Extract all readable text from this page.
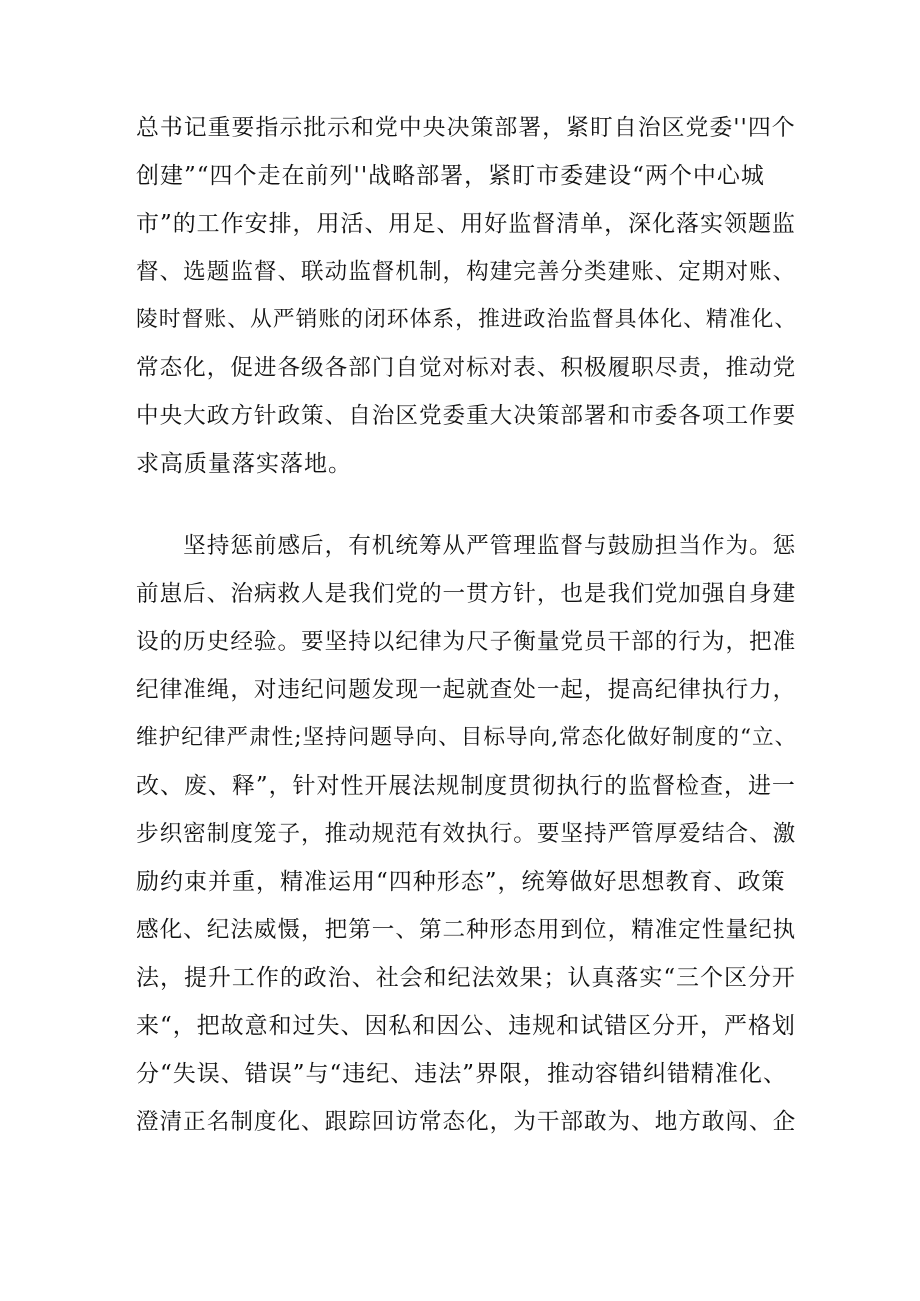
总书记重要指示批示和党中央决策部署，紧盯自治区党委''四个
创建”“四个走在前列''战略部署，紧盯市委建设“两个中心城
市”的工作安排，用活、用足、用好监督清单，深化落实领题监
督、选题监督、联动监督机制，构建完善分类建账、定期对账、
陵时督账、从严销账的闭环体系，推进政治监督具体化、精准化、
常态化，促进各级各部门自觉对标对表、积极履职尽责，推动党
中央大政方针政策、自治区党委重大决策部署和市委各项工作要
求高质量落实落地。
　　坚持惩前感后，有机统筹从严管理监督与鼓励担当作为。惩
前崽后、治病救人是我们党的一贯方针，也是我们党加强自身建
设的历史经验。要坚持以纪律为尺子衡量党员干部的行为，把准
纪律准绳，对违纪问题发现一起就查处一起，提高纪律执行力，
维护纪律严肃性;坚持问题导向、目标导向,常态化做好制度的“立、
改、废、释”，针对性开展法规制度贯彻执行的监督检查，进一
步织密制度笼子，推动规范有效执行。要坚持严管厚爱结合、激
励约束并重，精准运用“四种形态”，统筹做好思想教育、政策
感化、纪法威慑，把第一、第二种形态用到位，精准定性量纪执
法，提升工作的政治、社会和纪法效果；认真落实“三个区分开
来“，把故意和过失、因私和因公、违规和试错区分开，严格划
分“失误、错误”与“违纪、违法”界限，推动容错纠错精准化、
澄清正名制度化、跟踪回访常态化，为干部敢为、地方敢闯、企
